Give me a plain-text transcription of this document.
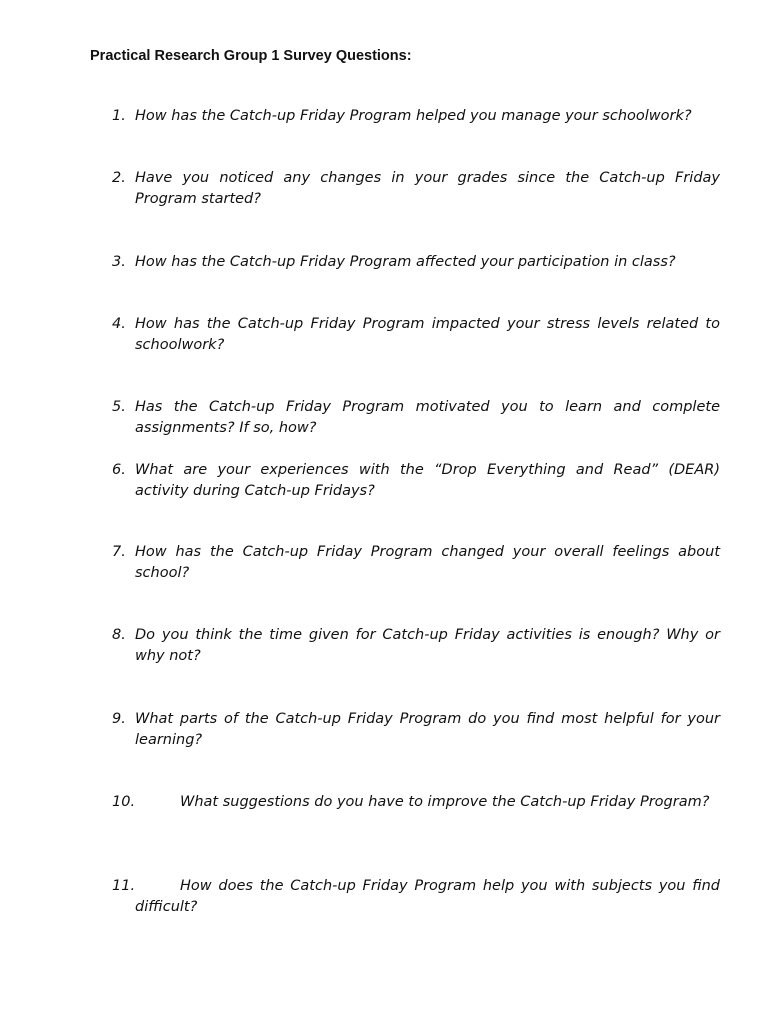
Practical Research Group 1 Survey Questions:
1. How has the Catch-up Friday Program helped you manage your schoolwork?
2. Have you noticed any changes in your grades since the Catch-up Friday Program started?
3. How has the Catch-up Friday Program affected your participation in class?
4. How has the Catch-up Friday Program impacted your stress levels related to schoolwork?
5. Has the Catch-up Friday Program motivated you to learn and complete assignments? If so, how?
6. What are your experiences with the “Drop Everything and Read” (DEAR) activity during Catch-up Fridays?
7. How has the Catch-up Friday Program changed your overall feelings about school?
8. Do you think the time given for Catch-up Friday activities is enough? Why or why not?
9. What parts of the Catch-up Friday Program do you find most helpful for your learning?
10.	What suggestions do you have to improve the Catch-up Friday Program?
11.	How does the Catch-up Friday Program help you with subjects you find difficult?
